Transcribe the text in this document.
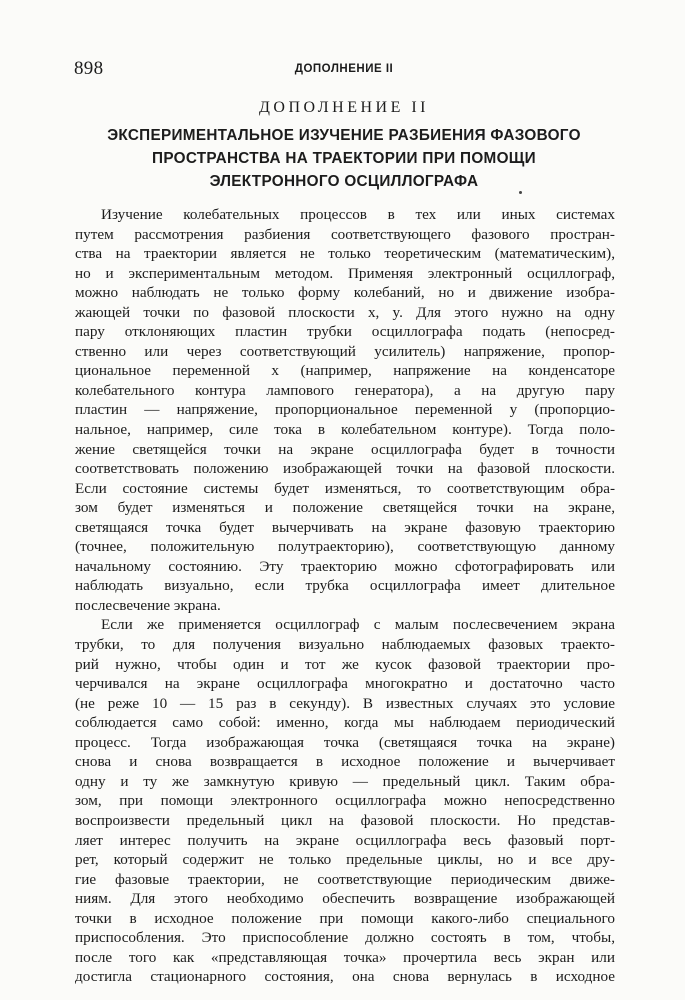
898	ДОПОЛНЕНИЕ II
ДОПОЛНЕНИЕ II
ЭКСПЕРИМЕНТАЛЬНОЕ ИЗУЧЕНИЕ РАЗБИЕНИЯ ФАЗОВОГО
ПРОСТРАНСТВА НА ТРАЕКТОРИИ ПРИ ПОМОЩИ
ЭЛЕКТРОННОГО ОСЦИЛЛОГРАФА

Изучение колебательных процессов в тех или иных системах
путем рассмотрения разбиения соответствующего фазового простран-
ства на траектории является не только теоретическим (математическим),
но и экспериментальным методом. Применяя электронный осциллограф,
можно наблюдать не только форму колебаний, но и движение изобра-
жающей точки по фазовой плоскости x, y. Для этого нужно на одну
пару отклоняющих пластин трубки осциллографа подать (непосред-
ственно или через соответствующий усилитель) напряжение, пропор-
циональное переменной x (например, напряжение на конденсаторе
колебательного контура лампового генератора), а на другую пару
пластин — напряжение, пропорциональное переменной y (пропорцио-
нальное, например, силе тока в колебательном контуре). Тогда поло-
жение светящейся точки на экране осциллографа будет в точности
соответствовать положению изображающей точки на фазовой плоскости.
Если состояние системы будет изменяться, то соответствующим обра-
зом будет изменяться и положение светящейся точки на экране,
светящаяся точка будет вычерчивать на экране фазовую траекторию
(точнее, положительную полутраекторию), соответствующую данному
начальному состоянию. Эту траекторию можно сфотографировать или
наблюдать визуально, если трубка осциллографа имеет длительное
послесвечение экрана.

Если же применяется осциллограф с малым послесвечением экрана
трубки, то для получения визуально наблюдаемых фазовых траекто-
рий нужно, чтобы один и тот же кусок фазовой траектории про-
черчивался на экране осциллографа многократно и достаточно часто
(не реже 10 — 15 раз в секунду). В известных случаях это условие
соблюдается само собой: именно, когда мы наблюдаем периодический
процесс. Тогда изображающая точка (светящаяся точка на экране)
снова и снова возвращается в исходное положение и вычерчивает
одну и ту же замкнутую кривую — предельный цикл. Таким обра-
зом, при помощи электронного осциллографа можно непосредственно
воспроизвести предельный цикл на фазовой плоскости. Но представ-
ляет интерес получить на экране осциллографа весь фазовый порт-
рет, который содержит не только предельные циклы, но и все дру-
гие фазовые траектории, не соответствующие периодическим движе-
ниям. Для этого необходимо обеспечить возвращение изображающей
точки в исходное положение при помощи какого-либо специального
приспособления. Это приспособление должно состоять в том, чтобы,
после того как «представляющая точка» прочертила весь экран или
достигла стационарного состояния, она снова вернулась в исходное
